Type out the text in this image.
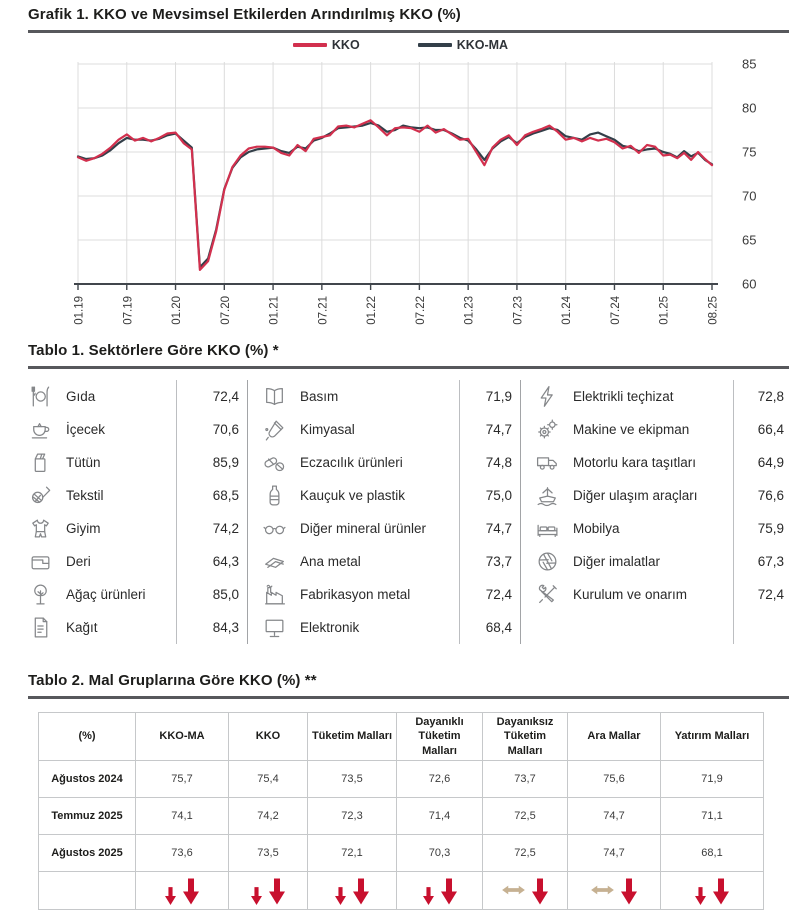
Grafik 1. KKO ve Mevsimsel Etkilerden Arındırılmış KKO (%)
KKO	KKO-MA
85
80
75
70
65
60
01.19	07.19	01.20	07.20	01.21	07.21	01.22	07.22	01.23	07.23	01.24	07.24	01.25	08.25
Tablo 1. Sektörlere Göre KKO (%) *
Gıda	72,4
İçecek	70,6
Tütün	85,9
Tekstil	68,5
Giyim	74,2
Deri	64,3
Ağaç ürünleri	85,0
Kağıt	84,3
Basım	71,9
Kimyasal	74,7
Eczacılık ürünleri	74,8
Kauçuk ve plastik	75,0
Diğer mineral ürünler	74,7
Ana metal	73,7
Fabrikasyon metal	72,4
Elektronik	68,4
Elektrikli teçhizat	72,8
Makine ve ekipman	66,4
Motorlu kara taşıtları	64,9
Diğer ulaşım araçları	76,6
Mobilya	75,9
Diğer imalatlar	67,3
Kurulum ve onarım	72,4
Tablo 2. Mal Gruplarına Göre KKO (%) **
(%)	KKO-MA	KKO	Tüketim Malları	Dayanıklı Tüketim Malları	Dayanıksız Tüketim Malları	Ara Mallar	Yatırım Malları
Ağustos 2024	75,7	75,4	73,5	72,6	73,7	75,6	71,9
Temmuz 2025	74,1	74,2	72,3	71,4	72,5	74,7	71,1
Ağustos 2025	73,6	73,5	72,1	70,3	72,5	74,7	68,1
